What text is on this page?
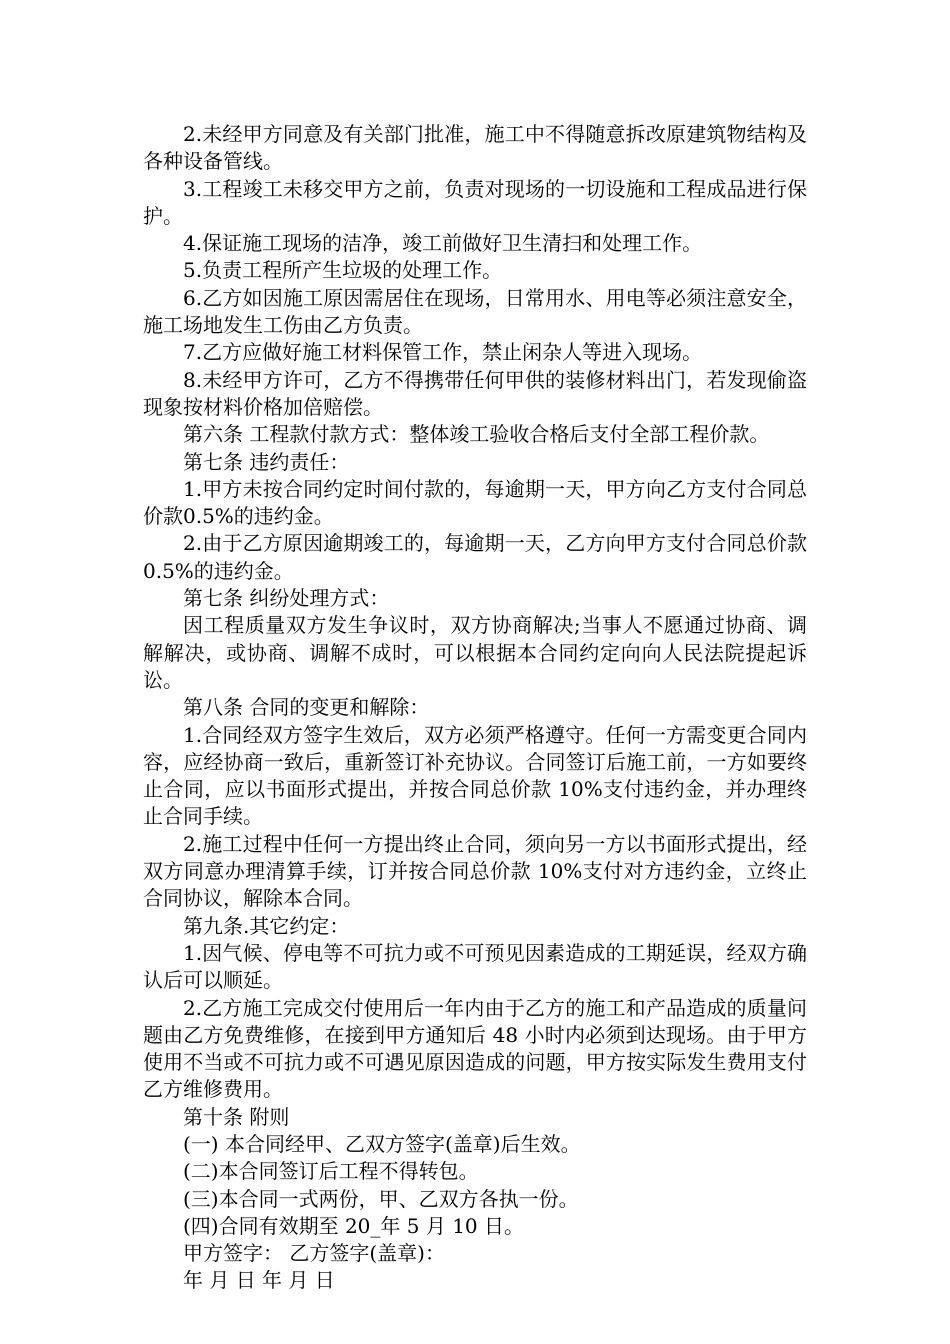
2.未经甲方同意及有关部门批准，施工中不得随意拆改原建筑物结构及各种设备管线。

3.工程竣工未移交甲方之前，负责对现场的一切设施和工程成品进行保护。

4.保证施工现场的洁净，竣工前做好卫生清扫和处理工作。

5.负责工程所产生垃圾的处理工作。

6.乙方如因施工原因需居住在现场，日常用水、用电等必须注意安全，施工场地发生工伤由乙方负责。

7.乙方应做好施工材料保管工作，禁止闲杂人等进入现场。

8.未经甲方许可，乙方不得携带任何甲供的装修材料出门，若发现偷盗现象按材料价格加倍赔偿。

第六条 工程款付款方式：整体竣工验收合格后支付全部工程价款。

第七条 违约责任：

1.甲方未按合同约定时间付款的，每逾期一天，甲方向乙方支付合同总价款0.5%的违约金。

2.由于乙方原因逾期竣工的，每逾期一天，乙方向甲方支付合同总价款0.5%的违约金。

第七条 纠纷处理方式：

因工程质量双方发生争议时，双方协商解决;当事人不愿通过协商、调解解决，或协商、调解不成时，可以根据本合同约定向向人民法院提起诉讼。

第八条 合同的变更和解除：

1.合同经双方签字生效后，双方必须严格遵守。任何一方需变更合同内容，应经协商一致后，重新签订补充协议。合同签订后施工前，一方如要终止合同，应以书面形式提出，并按合同总价款 10%支付违约金，并办理终止合同手续。

2.施工过程中任何一方提出终止合同，须向另一方以书面形式提出，经双方同意办理清算手续，订并按合同总价款 10%支付对方违约金，立终止合同协议，解除本合同。

第九条.其它约定：

1.因气候、停电等不可抗力或不可预见因素造成的工期延误，经双方确认后可以顺延。

2.乙方施工完成交付使用后一年内由于乙方的施工和产品造成的质量问题由乙方免费维修，在接到甲方通知后 48 小时内必须到达现场。由于甲方使用不当或不可抗力或不可遇见原因造成的问题，甲方按实际发生费用支付乙方维修费用。

第十条 附则

(一) 本合同经甲、乙双方签字(盖章)后生效。

(二)本合同签订后工程不得转包。

(三)本合同一式两份，甲、乙双方各执一份。

(四)合同有效期至 20_年 5 月 10 日。

甲方签字： 乙方签字(盖章)：

年 月 日 年 月 日
